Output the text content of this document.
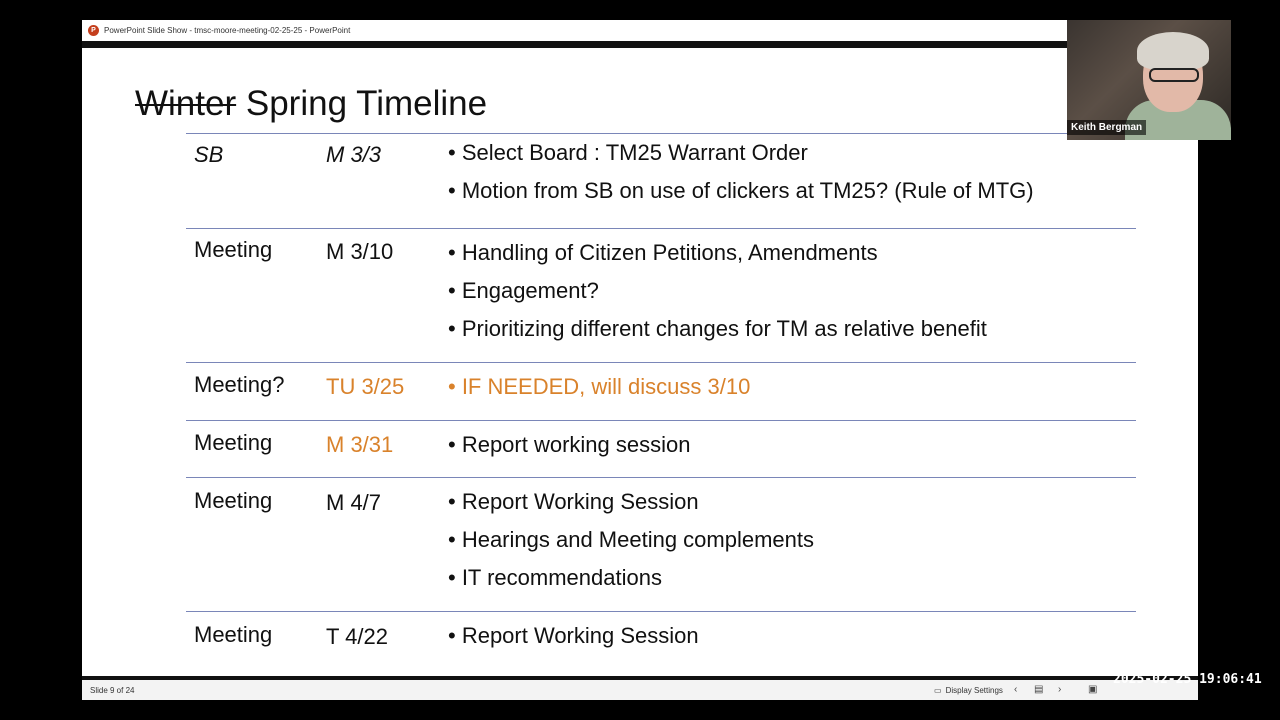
P	PowerPoint Slide Show - tmsc-moore-meeting-02-25-25 - PowerPoint
Winter Spring Timeline
SB	M 3/3	• Select Board : TM25 Warrant Order
• Motion from SB on use of clickers at TM25? (Rule of MTG)
Meeting M 3/10 • Handling of Citizen Petitions, Amendments
• Engagement?
• Prioritizing different changes for TM as relative benefit
Meeting? TU 3/25 • IF NEEDED, will discuss 3/10
Meeting M 3/31 • Report working session
Meeting M 4/7	• Report Working Session
• Hearings and Meeting complements
• IT recommendations
Meeting T 4/22	• Report Working Session
Slide 9 of 24	▭ Display Settings ‹ ▤ ›	▣
Keith Bergman
2025-02-25 19:06:41
